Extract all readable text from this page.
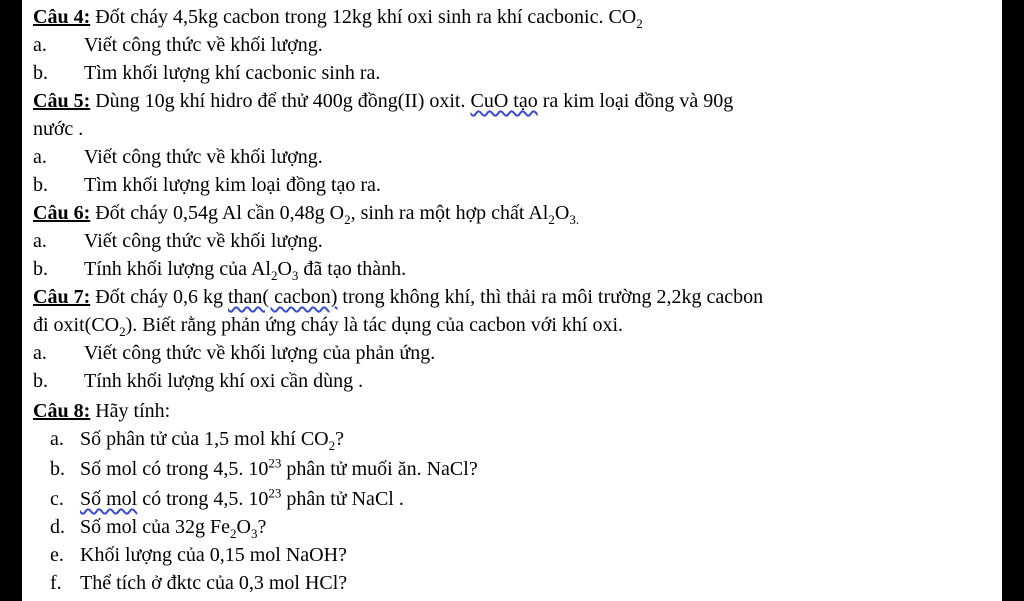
Câu 4: Đốt cháy 4,5kg cacbon trong 12kg khí oxi sinh ra khí cacbonic. $CO_2$
a. Viết công thức về khối lượng.
b. Tìm khối lượng khí cacbonic sinh ra.
Câu 5: Dùng 10g khí hidro để thử 400g đồng(II) oxit. CuO tạo ra kim loại đồng và 90g
nước .
a. Viết công thức về khối lượng.
b. Tìm khối lượng kim loại đồng tạo ra.
Câu 6: Đốt cháy 0,54g Al cần 0,48g $O_2$, sinh ra một hợp chất $Al_2O_{3.}$
a. Viết công thức về khối lượng.
b. Tính khối lượng của $Al_2O_3$ đã tạo thành.
Câu 7: Đốt cháy 0,6 kg than( cacbon) trong không khí, thì thải ra môi trường 2,2kg cacbon
đi $oxit(CO_2)$. Biết rằng phản ứng cháy là tác dụng của cacbon với khí oxi.
a. Viết công thức về khối lượng của phản ứng.
b. Tính khối lượng khí oxi cần dùng .
Câu 8: Hãy tính:
a. Số phân tử của 1,5 mol khí $CO_2$?
b. Số mol có trong 4,5. $10^{23}$ phân tử muối ăn. NaCl?
c. Số mol có trong 4,5. $10^{23}$ phân tử NaCl .
d. Số mol của 32g $Fe_2O_3$?
e. Khối lượng của 0,15 mol NaOH?
f. Thể tích ở đktc của 0,3 mol HCl?
